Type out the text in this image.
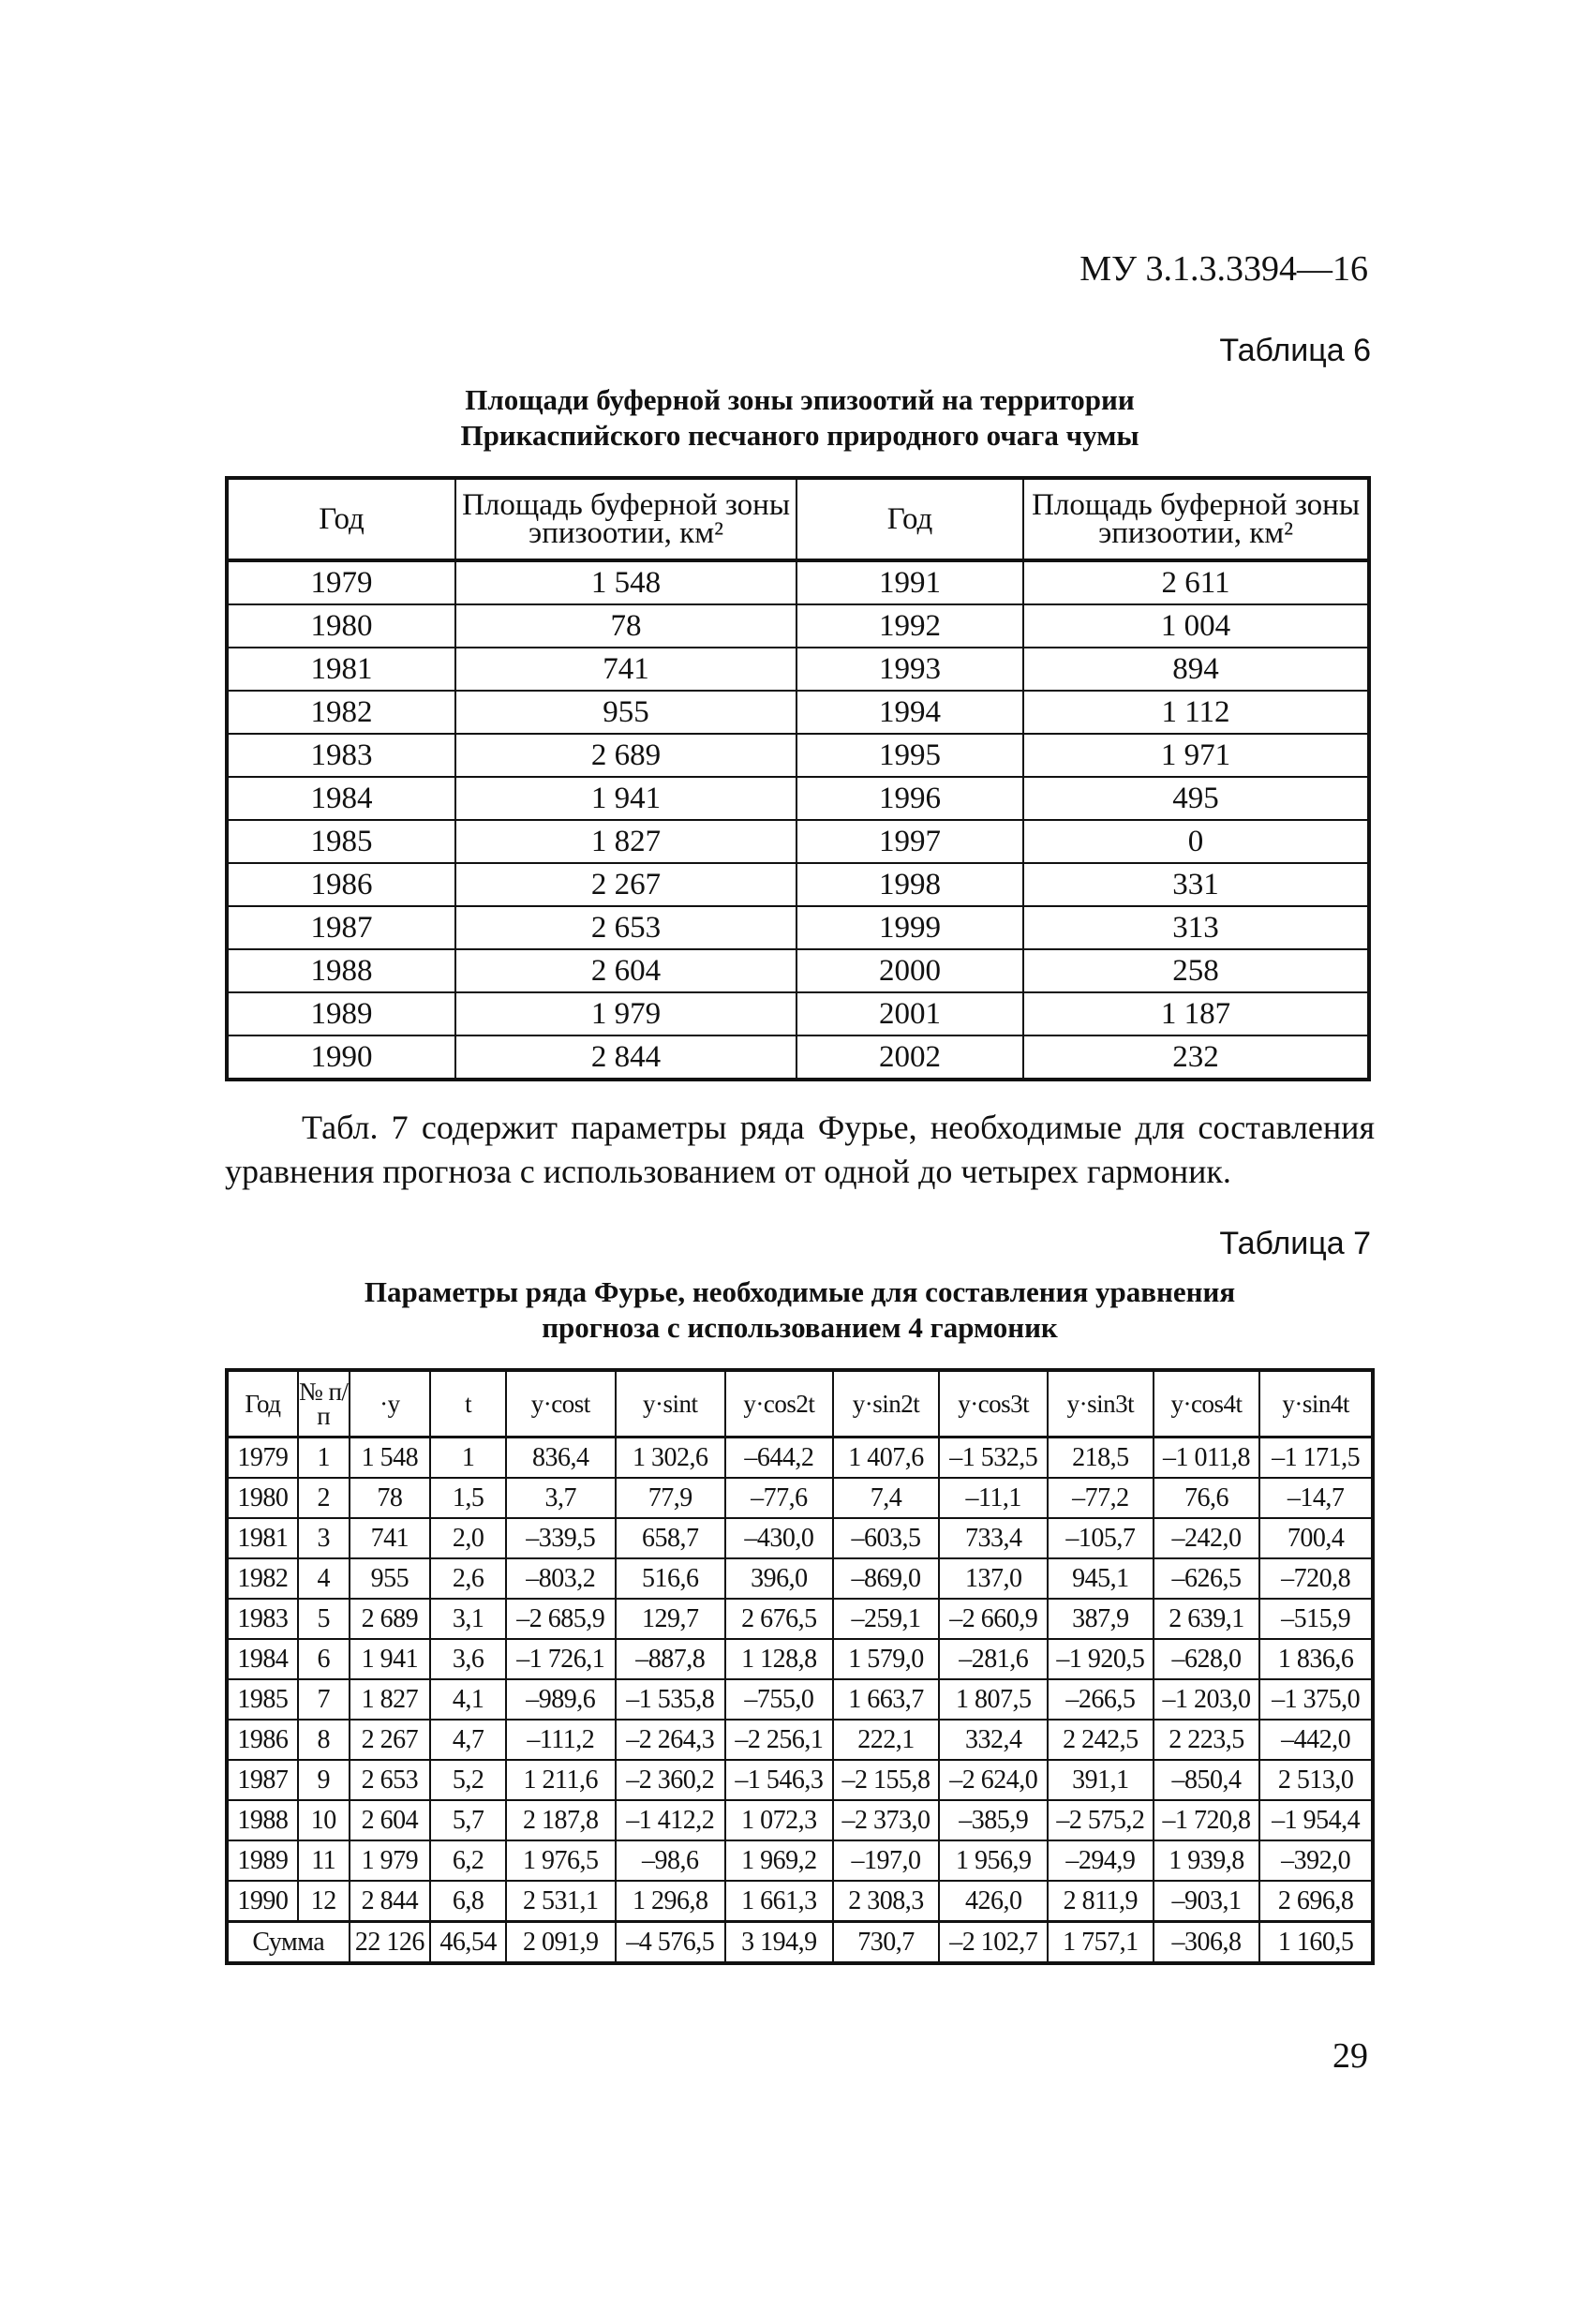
МУ 3.1.3.3394—16
Таблица 6
Площади буферной зоны эпизоотий на территории
Прикаспийского песчаного природного очага чумы
Год	Площадь буферной зоны эпизоотии, км²	Год	Площадь буферной зоны эпизоотии, км²
1979	1 548	1991	2 611
1980	78	1992	1 004
1981	741	1993	894
1982	955	1994	1 112
1983	2 689	1995	1 971
1984	1 941	1996	495
1985	1 827	1997	0
1986	2 267	1998	331
1987	2 653	1999	313
1988	2 604	2000	258
1989	1 979	2001	1 187
1990	2 844	2002	232
Табл. 7 содержит параметры ряда Фурье, необходимые для составления уравнения прогноза с использованием от одной до четырех гармоник.
Таблица 7
Параметры ряда Фурье, необходимые для составления уравнения
прогноза с использованием 4 гармоник
Год	№ п/п	·y	t	y·cost	y·sint	y·cos2t	y·sin2t	y·cos3t	y·sin3t	y·cos4t	y·sin4t
1979	1	1 548	1	836,4	1 302,6	–644,2	1 407,6	–1 532,5	218,5	–1 011,8	–1 171,5
1980	2	78	1,5	3,7	77,9	–77,6	7,4	–11,1	–77,2	76,6	–14,7
1981	3	741	2,0	–339,5	658,7	–430,0	–603,5	733,4	–105,7	–242,0	700,4
1982	4	955	2,6	–803,2	516,6	396,0	–869,0	137,0	945,1	–626,5	–720,8
1983	5	2 689	3,1	–2 685,9	129,7	2 676,5	–259,1	–2 660,9	387,9	2 639,1	–515,9
1984	6	1 941	3,6	–1 726,1	–887,8	1 128,8	1 579,0	–281,6	–1 920,5	–628,0	1 836,6
1985	7	1 827	4,1	–989,6	–1 535,8	–755,0	1 663,7	1 807,5	–266,5	–1 203,0	–1 375,0
1986	8	2 267	4,7	–111,2	–2 264,3	–2 256,1	222,1	332,4	2 242,5	2 223,5	–442,0
1987	9	2 653	5,2	1 211,6	–2 360,2	–1 546,3	–2 155,8	–2 624,0	391,1	–850,4	2 513,0
1988	10	2 604	5,7	2 187,8	–1 412,2	1 072,3	–2 373,0	–385,9	–2 575,2	–1 720,8	–1 954,4
1989	11	1 979	6,2	1 976,5	–98,6	1 969,2	–197,0	1 956,9	–294,9	1 939,8	–392,0
1990	12	2 844	6,8	2 531,1	1 296,8	1 661,3	2 308,3	426,0	2 811,9	–903,1	2 696,8
Сумма		22 126	46,54	2 091,9	–4 576,5	3 194,9	730,7	–2 102,7	1 757,1	–306,8	1 160,5
29
